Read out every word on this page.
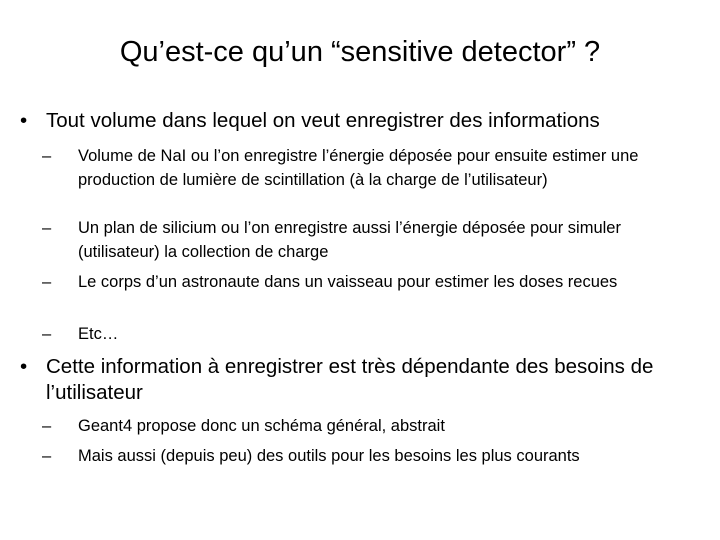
Qu’est-ce qu’un “sensitive detector” ?
• Tout volume dans lequel on veut enregistrer des informations
– Volume de NaI ou l’on enregistre l’énergie déposée pour ensuite estimer une production de lumière de scintillation (à la charge de l’utilisateur)
– Un plan de silicium ou l’on enregistre aussi l’énergie déposée pour simuler (utilisateur) la collection de charge
– Le corps d’un astronaute dans un vaisseau pour estimer les doses recues
– Etc…
• Cette information à enregistrer est très dépendante des besoins de l’utilisateur
– Geant4 propose donc un schéma général, abstrait
– Mais aussi (depuis peu) des outils pour les besoins les plus courants
